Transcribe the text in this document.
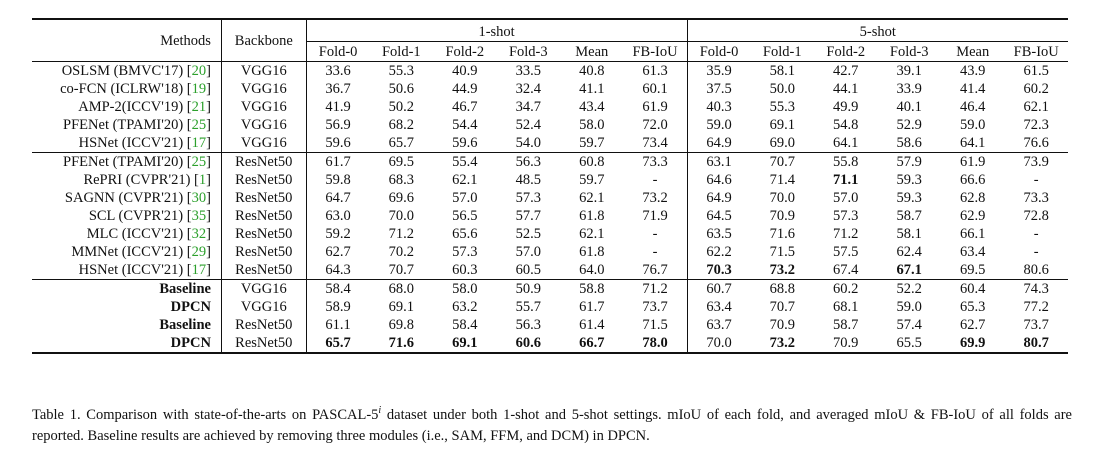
Methods	Backbone	1-shot						5-shot					
		Fold-0	Fold-1	Fold-2	Fold-3	Mean	FB-IoU	Fold-0	Fold-1	Fold-2	Fold-3	Mean	FB-IoU
OSLSM (BMVC'17) [20]	VGG16	33.6	55.3	40.9	33.5	40.8	61.3	35.9	58.1	42.7	39.1	43.9	61.5
co-FCN (ICLRW'18) [19]	VGG16	36.7	50.6	44.9	32.4	41.1	60.1	37.5	50.0	44.1	33.9	41.4	60.2
AMP-2(ICCV'19) [21]	VGG16	41.9	50.2	46.7	34.7	43.4	61.9	40.3	55.3	49.9	40.1	46.4	62.1
PFENet (TPAMI'20) [25]	VGG16	56.9	68.2	54.4	52.4	58.0	72.0	59.0	69.1	54.8	52.9	59.0	72.3
HSNet (ICCV'21) [17]	VGG16	59.6	65.7	59.6	54.0	59.7	73.4	64.9	69.0	64.1	58.6	64.1	76.6
PFENet (TPAMI'20) [25]	ResNet50	61.7	69.5	55.4	56.3	60.8	73.3	63.1	70.7	55.8	57.9	61.9	73.9
RePRI (CVPR'21) [1]	ResNet50	59.8	68.3	62.1	48.5	59.7	-	64.6	71.4	71.1	59.3	66.6	-
SAGNN (CVPR'21) [30]	ResNet50	64.7	69.6	57.0	57.3	62.1	73.2	64.9	70.0	57.0	59.3	62.8	73.3
SCL (CVPR'21) [35]	ResNet50	63.0	70.0	56.5	57.7	61.8	71.9	64.5	70.9	57.3	58.7	62.9	72.8
MLC (ICCV'21) [32]	ResNet50	59.2	71.2	65.6	52.5	62.1	-	63.5	71.6	71.2	58.1	66.1	-
MMNet (ICCV'21) [29]	ResNet50	62.7	70.2	57.3	57.0	61.8	-	62.2	71.5	57.5	62.4	63.4	-
HSNet (ICCV'21) [17]	ResNet50	64.3	70.7	60.3	60.5	64.0	76.7	70.3	73.2	67.4	67.1	69.5	80.6
Baseline	VGG16	58.4	68.0	58.0	50.9	58.8	71.2	60.7	68.8	60.2	52.2	60.4	74.3
DPCN	VGG16	58.9	69.1	63.2	55.7	61.7	73.7	63.4	70.7	68.1	59.0	65.3	77.2
Baseline	ResNet50	61.1	69.8	58.4	56.3	61.4	71.5	63.7	70.9	58.7	57.4	62.7	73.7
DPCN	ResNet50	65.7	71.6	69.1	60.6	66.7	78.0	70.0	73.2	70.9	65.5	69.9	80.7
Table 1. Comparison with state-of-the-arts on PASCAL-5$^i$ dataset under both 1-shot and 5-shot settings. mIoU of each fold, and averaged mIoU & FB-IoU of all folds are reported. Baseline results are achieved by removing three modules (i.e., SAM, FFM, and DCM) in DPCN.
